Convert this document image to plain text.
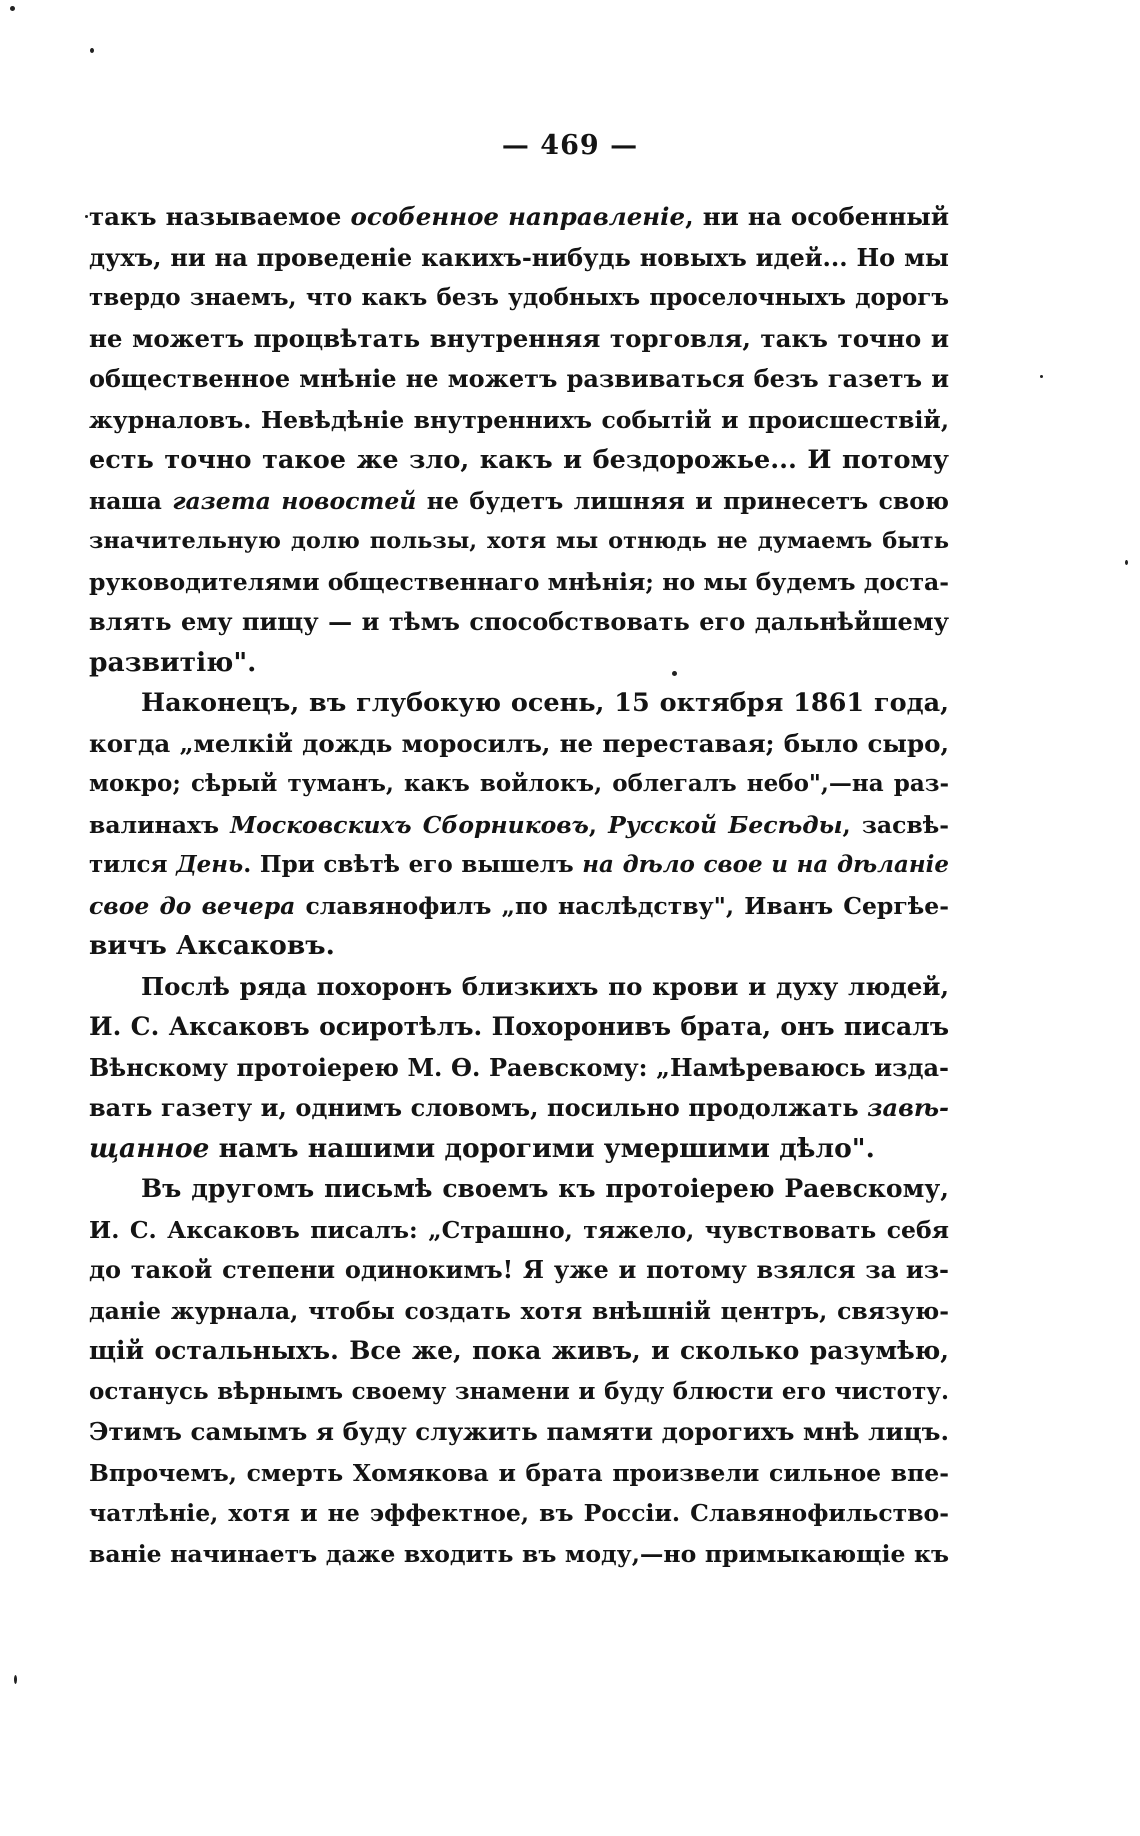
— 469 —
такъ называемое особенное направленіе, ни на особенный
духъ, ни на проведеніе какихъ-нибудь новыхъ идей... Но мы
твердо знаемъ, что какъ безъ удобныхъ проселочныхъ дорогъ
не можетъ процвѣтать внутренняя торговля, такъ точно и
общественное мнѣніе не можетъ развиваться безъ газетъ и
журналовъ. Невѣдѣніе внутреннихъ событій и происшествій,
есть точно такое же зло, какъ и бездорожье... И потому
наша газета новостей не будетъ лишняя и принесетъ свою
значительную долю пользы, хотя мы отнюдь не думаемъ быть
руководителями общественнаго мнѣнія; но мы будемъ доста-
влять ему пищу — и тѣмъ способствовать его дальнѣйшему
развитію".
Наконецъ, въ глубокую осень, 15 октября 1861 года,
когда „мелкій дождь моросилъ, не переставая; было сыро,
мокро; сѣрый туманъ, какъ войлокъ, облегалъ небо",—на раз-
валинахъ Московскихъ Сборниковъ, Русской Бесѣды, засвѣ-
тился День. При свѣтѣ его вышелъ на дѣло свое и на дѣланіе
свое до вечера славянофилъ „по наслѣдству", Иванъ Сергѣе-
вичъ Аксаковъ.
Послѣ ряда похоронъ близкихъ по крови и духу людей,
И. С. Аксаковъ осиротѣлъ. Похоронивъ брата, онъ писалъ
Вѣнскому протоіерею М. Ѳ. Раевскому: „Намѣреваюсь изда-
вать газету и, однимъ словомъ, посильно продолжать завѣ-
щанное намъ нашими дорогими умершими дѣло".
Въ другомъ письмѣ своемъ къ протоіерею Раевскому,
И. С. Аксаковъ писалъ: „Страшно, тяжело, чувствовать себя
до такой степени одинокимъ! Я уже и потому взялся за из-
даніе журнала, чтобы создать хотя внѣшній центръ, связую-
щій остальныхъ. Все же, пока живъ, и сколько разумѣю,
останусь вѣрнымъ своему знамени и буду блюсти его чистоту.
Этимъ самымъ я буду служить памяти дорогихъ мнѣ лицъ.
Впрочемъ, смерть Хомякова и брата произвели сильное впе-
чатлѣніе, хотя и не эффектное, въ Россіи. Славянофильство-
ваніе начинаетъ даже входить въ моду,—но примыкающіе къ
